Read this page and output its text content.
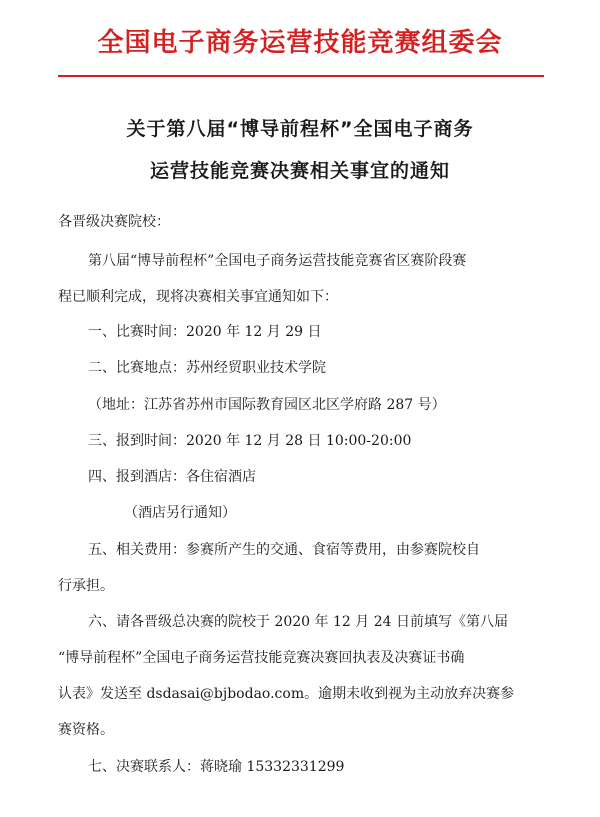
全国电子商务运营技能竞赛组委会
关于第八届“博导前程杯”全国电子商务
运营技能竞赛决赛相关事宜的通知
各晋级决赛院校：
第八届“博导前程杯”全国电子商务运营技能竞赛省区赛阶段赛
程已顺利完成，现将决赛相关事宜通知如下：
一、比赛时间：2020 年 12 月 29 日
二、比赛地点：苏州经贸职业技术学院
（地址：江苏省苏州市国际教育园区北区学府路 287 号）
三、报到时间：2020 年 12 月 28 日 10:00-20:00
四、报到酒店：各住宿酒店
（酒店另行通知）
五、相关费用：参赛所产生的交通、食宿等费用，由参赛院校自
行承担。
六、请各晋级总决赛的院校于 2020 年 12 月 24 日前填写《第八届
“博导前程杯”全国电子商务运营技能竞赛决赛回执表及决赛证书确
认表》发送至 dsdasai@bjbodao.com。逾期未收到视为主动放弃决赛参
赛资格。
七、决赛联系人：蒋晓瑜 15332331299
